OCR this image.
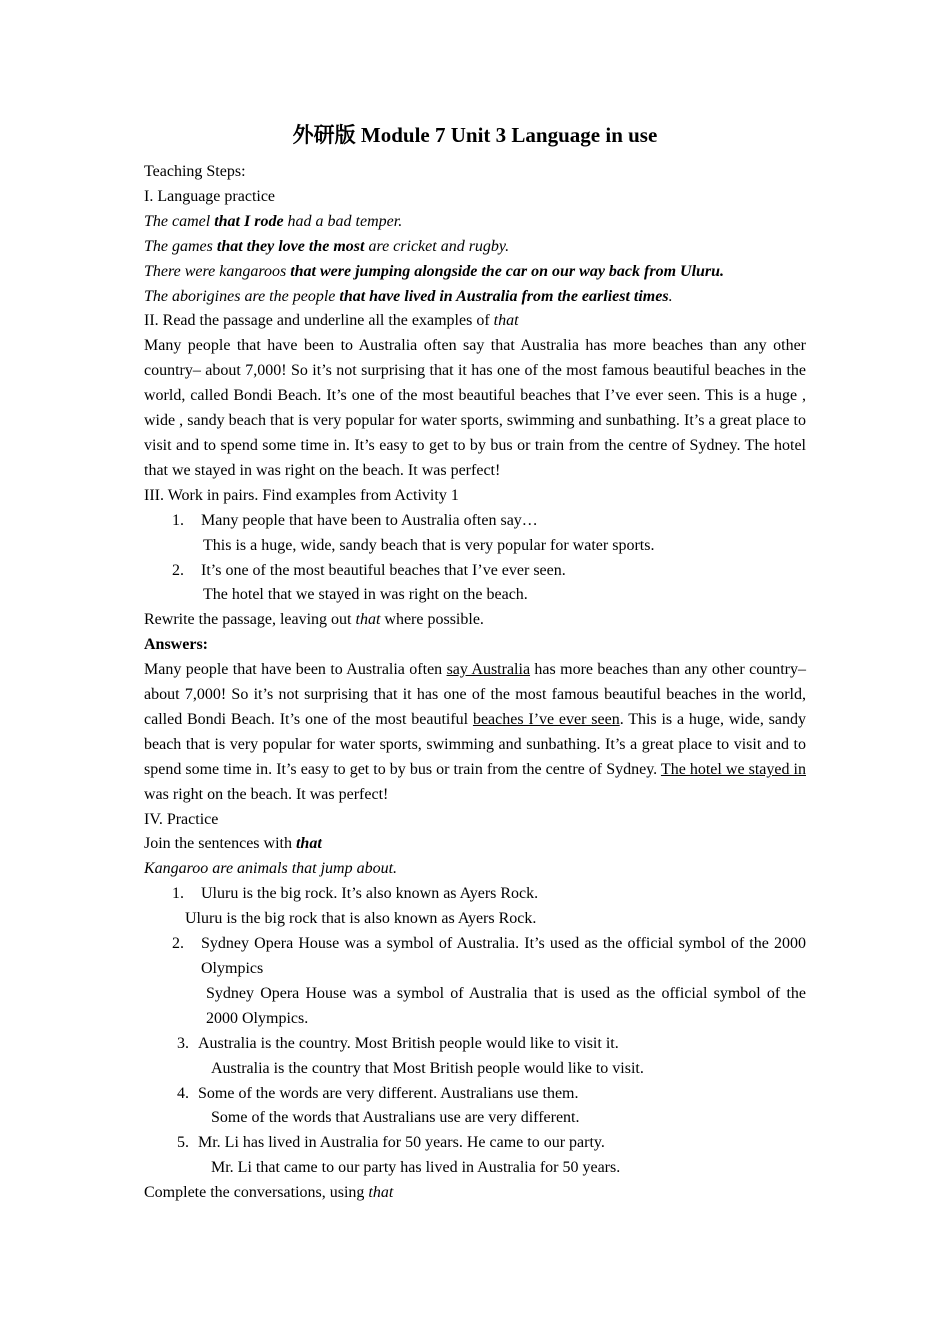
外研版 Module 7 Unit 3 Language in use

Teaching Steps:

I. Language practice

The camel that I rode had a bad temper.

The games that they love the most are cricket and rugby.

There were kangaroos that were jumping alongside the car on our way back from Uluru.

The aborigines are the people that have lived in Australia from the earliest times.

II. Read the passage and underline all the examples of that

Many people that have been to Australia often say that Australia has more beaches than any other country– about 7,000! So it’s not surprising that it has one of the most famous beautiful beaches in the world, called Bondi Beach. It’s one of the most beautiful beaches that I’ve ever seen. This is a huge , wide , sandy beach that is very popular for water sports, swimming and sunbathing. It’s a great place to visit and to spend some time in. It’s easy to get to by bus or train from the centre of Sydney. The hotel that we stayed in was right on the beach. It was perfect!

III. Work in pairs. Find examples from Activity 1

1.	Many people that have been to Australia often say…
This is a huge, wide, sandy beach that is very popular for water sports.
2.	It’s one of the most beautiful beaches that I’ve ever seen.
The hotel that we stayed in was right on the beach.

Rewrite the passage, leaving out that where possible.

Answers:

Many people that have been to Australia often say Australia has more beaches than any other country– about 7,000! So it’s not surprising that it has one of the most famous beautiful beaches in the world, called Bondi Beach. It’s one of the most beautiful beaches I’ve ever seen. This is a huge, wide, sandy beach that is very popular for water sports, swimming and sunbathing. It’s a great place to visit and to spend some time in. It’s easy to get to by bus or train from the centre of Sydney. The hotel we stayed in was right on the beach. It was perfect!

IV. Practice

Join the sentences with that

Kangaroo are animals that jump about.

1.	Uluru is the big rock. It’s also known as Ayers Rock.
Uluru is the big rock that is also known as Ayers Rock.
2.	Sydney Opera House was a symbol of Australia. It’s used as the official symbol of the 2000 Olympics
Sydney Opera House was a symbol of Australia that is used as the official symbol of the 2000 Olympics.
3. Australia is the country. Most British people would like to visit it.
Australia is the country that Most British people would like to visit.
4. Some of the words are very different. Australians use them.
Some of the words that Australians use are very different.
5. Mr. Li has lived in Australia for 50 years. He came to our party.
Mr. Li that came to our party has lived in Australia for 50 years.

Complete the conversations, using that
